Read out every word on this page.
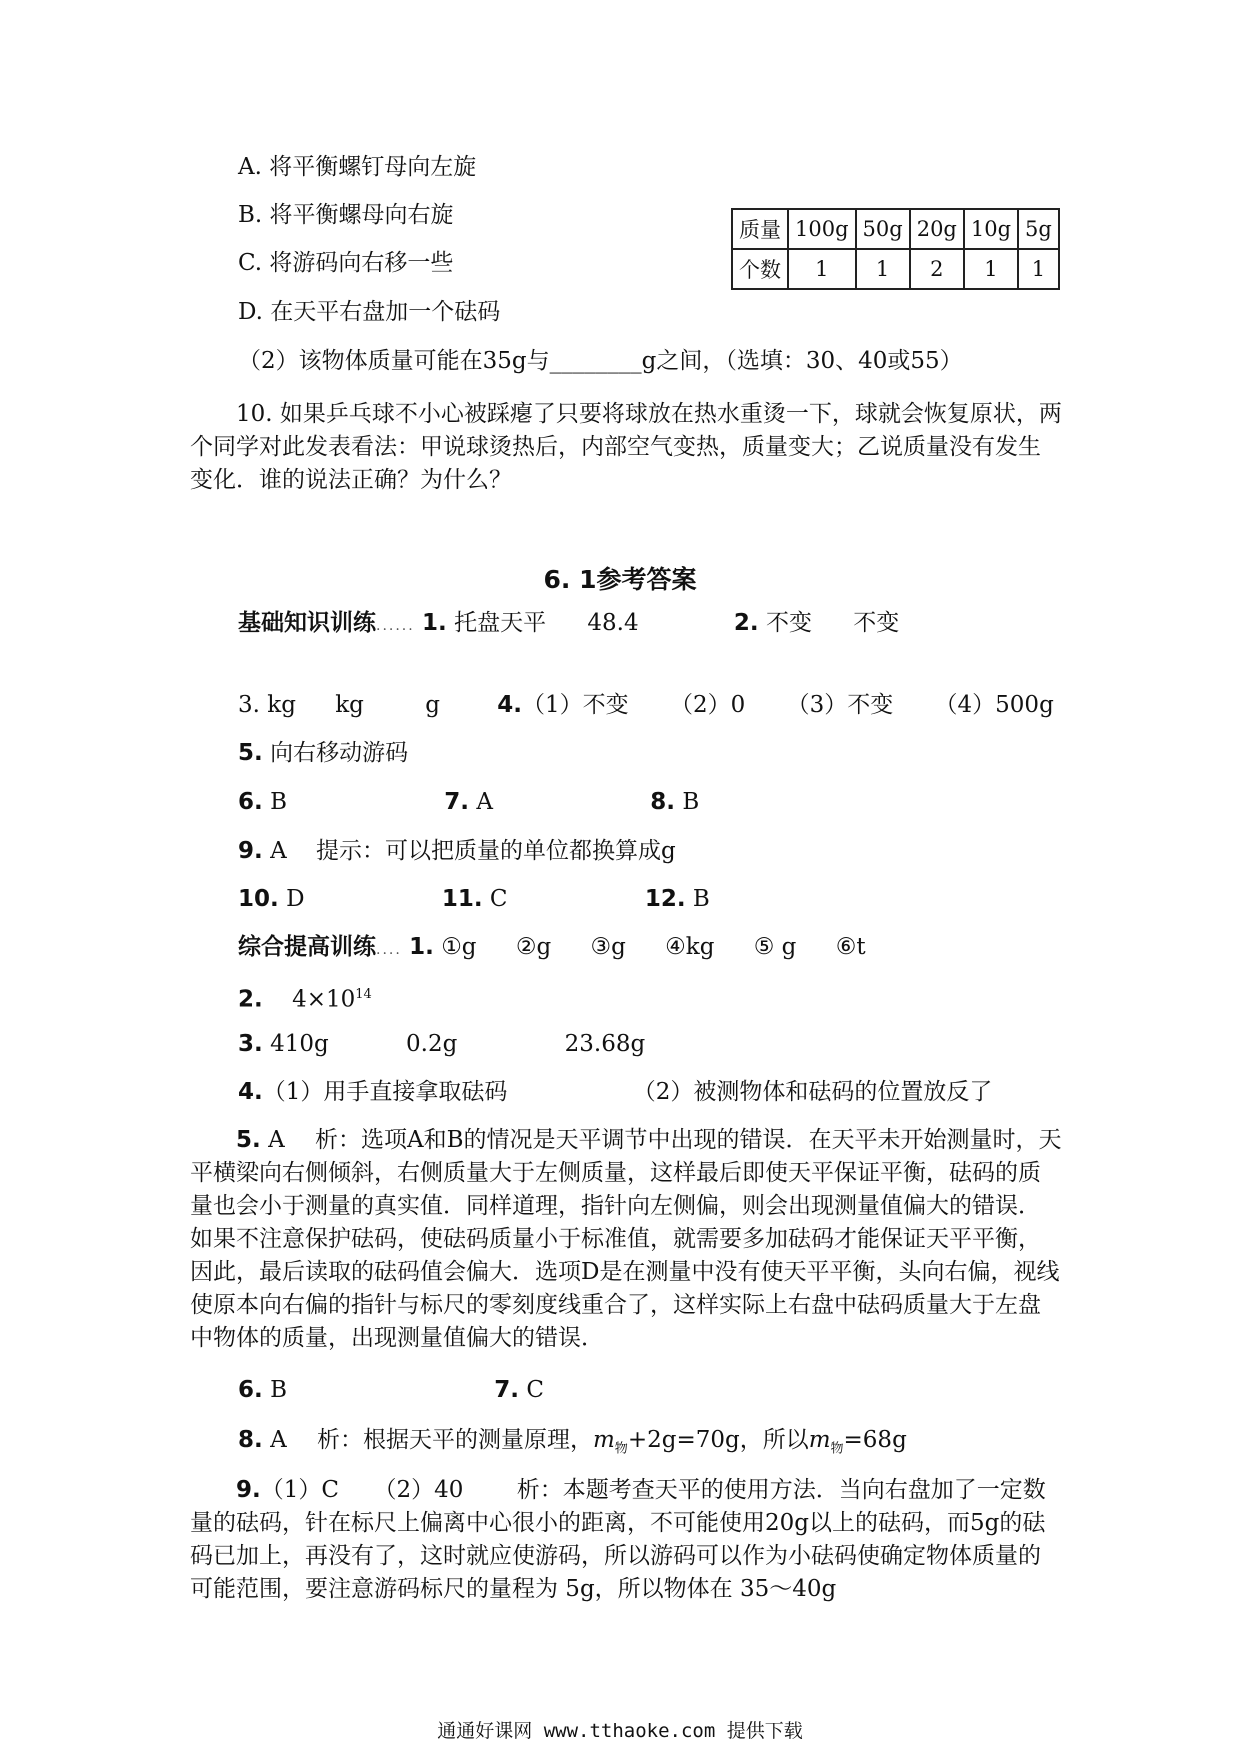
A. 将平衡螺钉母向左旋
B. 将平衡螺母向右旋
C. 将游码向右移一些
D. 在天平右盘加一个砝码
质量	100g	50g	20g	10g	5g
个数	1	1	2	1	1
（2）该物体质量可能在35g与________g之间，（选填：30、40或55）
10. 如果乒乓球不小心被踩瘪了只要将球放在热水重烫一下，球就会恢复原状，两个同学对此发表看法：甲说球烫热后，内部空气变热，质量变大；乙说质量没有发生变化．谁的说法正确？为什么？
6. 1参考答案
基础知识训练...... 1. 托盘天平 48.4	2. 不变 不变
3. kg kg	g 4.（1）不变 （2）0 （3）不变 （4）500g
5. 向右移动游码
6. B	7. A	8. B
9. A 提示：可以把质量的单位都换算成g
10. D	11. C	12. B
综合提高训练.... 1. ①g ②g ③g ④kg ⑤ g ⑥t
2. $4\times 10^{14}$
3. 410g	0.2g	23.68g
4.（1）用手直接拿取砝码	（2）被测物体和砝码的位置放反了
5. A　 析：选项A和B的情况是天平调节中出现的错误．在天平未开始测量时，天平横梁向右侧倾斜，右侧质量大于左侧质量，这样最后即使天平保证平衡，砝码的质量也会小于测量的真实值．同样道理，指针向左侧偏，则会出现测量值偏大的错误．如果不注意保护砝码，使砝码质量小于标准值，就需要多加砝码才能保证天平平衡，因此，最后读取的砝码值会偏大．选项D是在测量中没有使天平平衡，头向右偏，视线使原本向右偏的指针与标尺的零刻度线重合了，这样实际上右盘中砝码质量大于左盘中物体的质量，出现测量值偏大的错误．
6. B	7. C
8. A　 析：根据天平的测量原理，$m_物+2g=70g$，所以$m_物=68g$
9.（1）C　　（2）40　　 析：本题考查天平的使用方法．当向右盘加了一定数量的砝码，针在标尺上偏离中心很小的距离，不可能使用20g以上的砝码，而5g的砝码已加上，再没有了，这时就应使游码，所以游码可以作为小砝码使确定物体质量的可能范围，要注意游码标尺的量程为 5g，所以物体在 35～40g
通通好课网 www.tthaoke.com 提供下载
